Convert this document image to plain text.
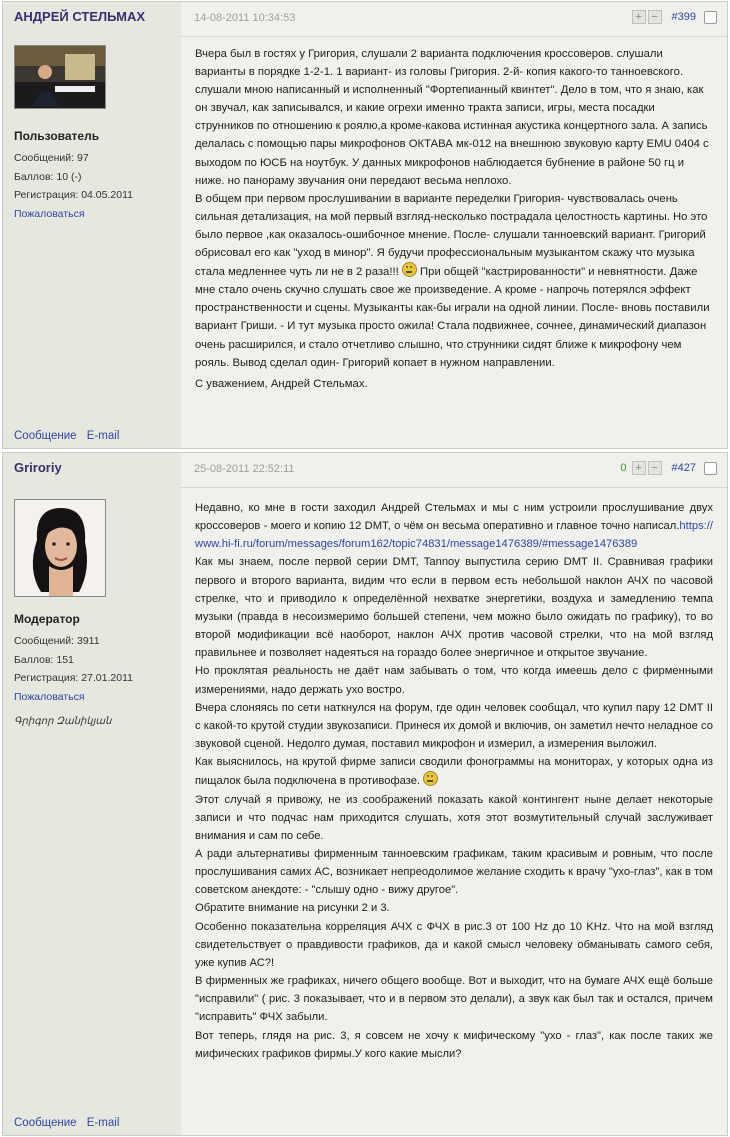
АНДРЕЙ СТЕЛЬМАХ
Пользователь
Сообщений: 97
Баллов: 10 (-)
Регистрация: 04.05.2011
Пожаловаться
Сообщение E-mail
14-08-2011 10:34:53	+ −	#399

Вчера был в гостях у Григория, слушали 2 варианта подключения кроссоверов. слушали варианты в порядке 1-2-1. 1 вариант- из головы Григория. 2-й- копия какого-то танноевского. слушали мною написанный и исполненный "Фортепианный квинтет". Дело в том, что я знаю, как он звучал, как записывался, и какие огрехи именно тракта записи, игры, места посадки струнников по отношению к роялю,а кроме-какова истинная акустика концертного зала. А запись делалась с помощью пары микрофонов ОКТАВА мк-012 на внешнюю звуковую карту EMU 0404 с выходом по ЮСБ на ноутбук. У данных микрофонов наблюдается бубнение в районе 50 гц и ниже. но панораму звучания они передают весьма неплохо.

В общем при первом прослушивании в варианте переделки Григория- чувствовалась очень сильная детализация, на мой первый взгляд-несколько пострадала целостность картины. Но это было первое ,как оказалось-ошибочное мнение. После- слушали танноевский вариант. Григорий обрисовал его как "уход в минор". Я будучи профессиональным музыкантом скажу что музыка стала медленнее чуть ли не в 2 раза!!! При общей "кастрированности" и невнятности. Даже мне стало очень скучно слушать свое же произведение. А кроме - напрочь потерялся эффект пространственности и сцены. Музыканты как-бы играли на одной линии. После- вновь поставили вариант Гриши. - И тут музыка просто ожила! Стала подвижнее, сочнее, динамический диапазон очень расширился, и стало отчетливо слышно, что струнники сидят ближе к микрофону чем рояль. Вывод сделал один- Григорий копает в нужном направлении.

С уважением, Андрей Стельмах.

Grirоriy
Модератор
Сообщений: 3911
Баллов: 151
Регистрация: 27.01.2011
Пожаловаться
Գրիգոր Զանիկյան
Сообщение E-mail
25-08-2011 22:52:11	0 + −	#427

Недавно, ко мне в гости заходил Андрей Стельмах и мы с ним устроили прослушивание двух кроссоверов - моего и копию 12 DMT, о чём он весьма оперативно и главное точно написал.https://www.hi-fi.ru/forum/messages/forum162/topic74831/message1476389/#message1476389

Как мы знаем, после первой серии DMT, Tannoy выпустила серию DMT II. Сравнивая графики первого и второго варианта, видим что если в первом есть небольшой наклон АЧХ по часовой стрелке, что и приводило к определённой нехватке энергетики, воздуха и замедлению темпа музыки (правда в несоизмеримо большей степени, чем можно было ожидать по графику), то во второй модификации всё наоборот, наклон АЧХ против часовой стрелки, что на мой взгляд правильнее и позволяет надеяться на гораздо более энергичное и открытое звучание.

Но проклятая реальность не даёт нам забывать о том, что когда имеешь дело с фирменными измерениями, надо держать ухо востро.

Вчера слоняясь по сети наткнулся на форум, где один человек сообщал, что купил пару 12 DMT II с какой-то крутой студии звукозаписи. Принеся их домой и включив, он заметил нечто неладное со звуковой сценой. Недолго думая, поставил микрофон и измерил, а измерения выложил.

Как выяснилось, на крутой фирме записи сводили фонограммы на мониторах, у которых одна из пищалок была подключена в противофазе.

Этот случай я привожу, не из соображений показать какой контингент ныне делает некоторые записи и что подчас нам приходится слушать, хотя этот возмутительный случай заслуживает внимания и сам по себе.

А ради альтернативы фирменным танноевским графикам, таким красивым и ровным, что после прослушивания самих АС, возникает непреодолимое желание сходить к врачу "ухо-глаз", как в том советском анекдоте: - "слышу одно - вижу другое".

Обратите внимание на рисунки 2 и 3.

Особенно показательна корреляция АЧХ с ФЧХ в рис.3 от 100 Hz до 10 KHz. Что на мой взгляд свидетельствует о правдивости графиков, да и какой смысл человеку обманывать самого себя, уже купив АС?!

В фирменных же графиках, ничего общего вообще. Вот и выходит, что на бумаге АЧХ ещё больше "исправили" ( рис. 3 показывает, что и в первом это делали), а звук как был так и остался, причем "исправить" ФЧХ забыли.

Вот теперь, глядя на рис. 3, я совсем не хочу к мифическому "ухо - глаз", как после таких же мифических графиков фирмы.У кого какие мысли?
